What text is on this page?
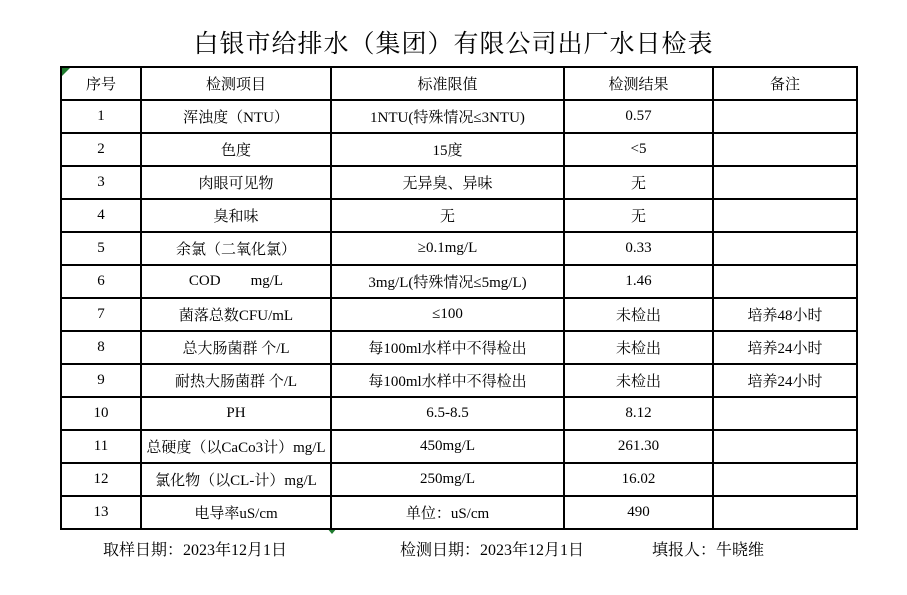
白银市给排水（集团）有限公司出厂水日检表
序号	检测项目	标准限值	检测结果	备注
1	浑浊度（NTU）	1NTU(特殊情况≤3NTU)	0.57	
2	色度	15度	<5	
3	肉眼可见物	无异臭、异味	无	
4	臭和味	无	无	
5	余氯（二氧化氯）	≥0.1mg/L	0.33	
6	COD        mg/L	3mg/L(特殊情况≤5mg/L)	1.46	
7	菌落总数CFU/mL	≤100	未检出	培养48小时
8	总大肠菌群 个/L	每100ml水样中不得检出	未检出	培养24小时
9	耐热大肠菌群 个/L	每100ml水样中不得检出	未检出	培养24小时
10	PH	6.5-8.5	8.12	
11	总硬度（以CaCo3计）mg/L	450mg/L	261.30	
12	氯化物（以CL-计）mg/L	250mg/L	16.02	
13	电导率uS/cm	单位：uS/cm	490	
取样日期：2023年12月1日	检测日期：2023年12月1日	填报人：牛晓维
